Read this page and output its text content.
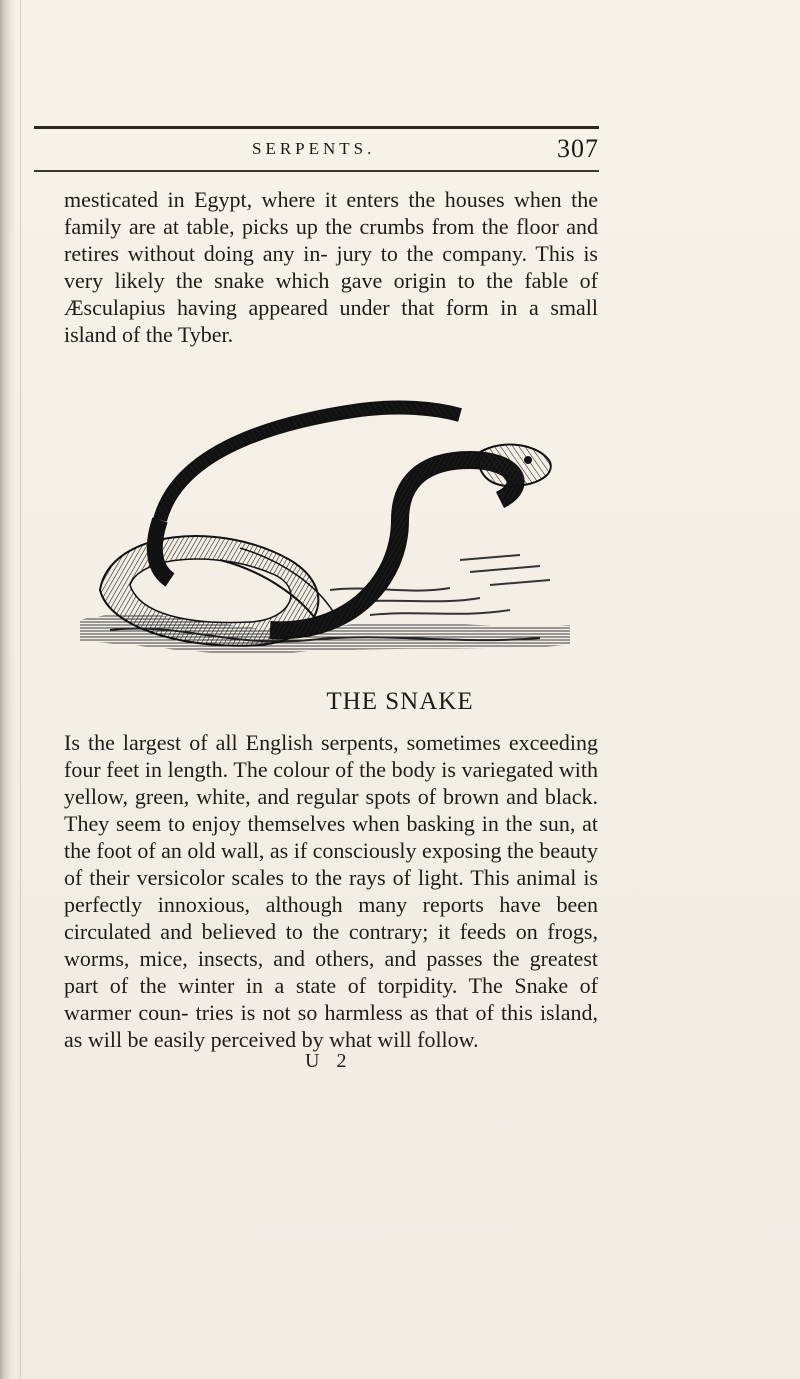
SERPENTS.	307
mesticated in Egypt, where it enters the houses when the family are at table, picks up the crumbs from the floor and retires without doing any in- jury to the company. This is very likely the snake which gave origin to the fable of Æsculapius having appeared under that form in a small island of the Tyber.
THE SNAKE
Is the largest of all English serpents, sometimes exceeding four feet in length. The colour of the body is variegated with yellow, green, white, and regular spots of brown and black. They seem to enjoy themselves when basking in the sun, at the foot of an old wall, as if consciously exposing the beauty of their versicolor scales to the rays of light. This animal is perfectly innoxious, although many reports have been circulated and believed to the contrary; it feeds on frogs, worms, mice, insects, and others, and passes the greatest part of the winter in a state of torpidity. The Snake of warmer coun- tries is not so harmless as that of this island, as will be easily perceived by what will follow.
U 2
